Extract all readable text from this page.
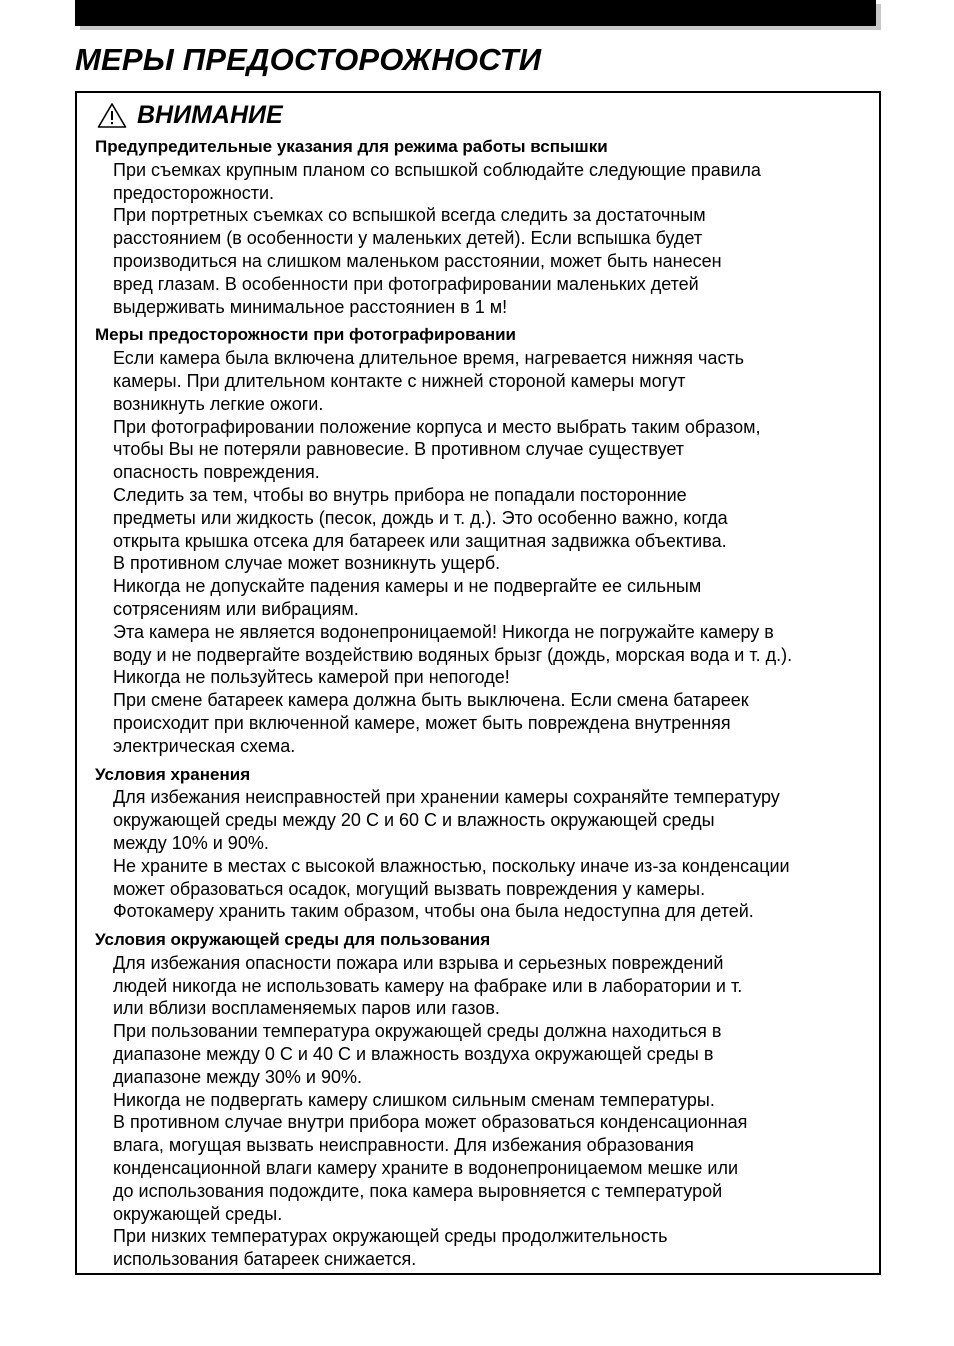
МЕРЫ ПРЕДОСТОРОЖНОСТИ
ВНИМАНИЕ
Предупредительные указания для режима работы вспышки
При съемках крупным планом со вспышкой соблюдайте следующие правила
предосторожности.
При портретных съемках со вспышкой всегда следить за достаточным
расстоянием (в особенности у маленьких детей). Если вспышка будет
производиться на слишком маленьком расстоянии, может быть нанесен
вред глазам. В особенности при фотографировании маленьких детей
выдерживать минимальное расстояниен в 1 м!
Меры предосторожности при фотографировании
Если камера была включена длительное время, нагревается нижняя часть
камеры. При длительном контакте с нижней стороной камеры могут
возникнуть легкие ожоги.
При фотографировании положение корпуса и место выбрать таким образом,
чтобы Вы не потеряли равновесие. В противном случае существует
опасность повреждения.
Следить за тем, чтобы во внутрь прибора не попадали посторонние
предметы или жидкость (песок, дождь и т. д.). Это особенно важно, когда
открыта крышка отсека для батареек или защитная задвижка объектива.
В противном случае может возникнуть ущерб.
Никогда не допускайте падения камеры и не подвергайте ее сильным
сотрясениям или вибрациям.
Эта камера не является водонепроницаемой! Никогда не погружайте камеру в
воду и не подвергайте воздействию водяных брызг (дождь, морская вода и т. д.).
Никогда не пользуйтесь камерой при непогоде!
При смене батареек камера должна быть выключена. Если смена батареек
происходит при включенной камере, может быть повреждена внутренняя
электрическая схема.
Условия хранения
Для избежания неисправностей при хранении камеры сохраняйте температуру
окружающей среды между 20 С и 60 С и влажность окружающей среды
между 10% и 90%.
Не храните в местах с высокой влажностью, поскольку иначе из-за конденсации
может образоваться осадок, могущий вызвать повреждения у камеры.
Фотокамеру хранить таким образом, чтобы она была недоступна для детей.
Условия окружающей среды для пользования
Для избежания опасности пожара или взрыва и серьезных повреждений
людей никогда не использовать камеру на фабраке или в лаборатории и т.
или вблизи воспламеняемых паров или газов.
При пользовании температура окружающей среды должна находиться в
диапазоне между 0 С и 40 С и влажность воздуха окружающей среды в
диапазоне между 30% и 90%.
Никогда не подвергать камеру слишком сильным сменам температуры.
В противном случае внутри прибора может образоваться конденсационная
влага, могущая вызвать неисправности. Для избежания образования
конденсационной влаги камеру храните в водонепроницаемом мешке или
до использования подождите, пока камера выровняется с температурой
окружающей среды.
При низких температурах окружающей среды продолжительность
использования батареек снижается.
